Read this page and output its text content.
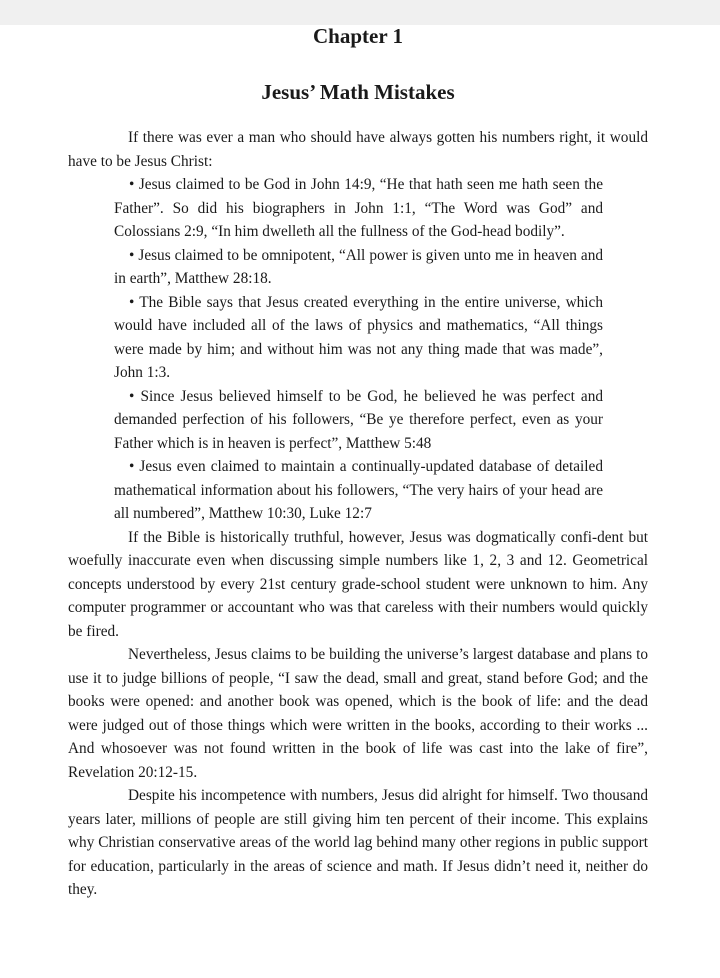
Chapter 1
Jesus’ Math Mistakes

If there was ever a man who should have always gotten his numbers right, it would have to be Jesus Christ:

• Jesus claimed to be God in John 14:9, “He that hath seen me hath seen the Father”. So did his biographers in John 1:1, “The Word was God” and Colossians 2:9, “In him dwelleth all the fullness of the God-head bodily”.
• Jesus claimed to be omnipotent, “All power is given unto me in heaven and in earth”, Matthew 28:18.
• The Bible says that Jesus created everything in the entire universe, which would have included all of the laws of physics and mathematics, “All things were made by him; and without him was not any thing made that was made”, John 1:3.
• Since Jesus believed himself to be God, he believed he was perfect and demanded perfection of his followers, “Be ye therefore perfect, even as your Father which is in heaven is perfect”, Matthew 5:48
• Jesus even claimed to maintain a continually-updated database of detailed mathematical information about his followers, “The very hairs of your head are all numbered”, Matthew 10:30, Luke 12:7

If the Bible is historically truthful, however, Jesus was dogmatically confi-dent but woefully inaccurate even when discussing simple numbers like 1, 2, 3 and 12. Geometrical concepts understood by every 21st century grade-school student were unknown to him. Any computer programmer or accountant who was that careless with their numbers would quickly be fired.

Nevertheless, Jesus claims to be building the universe’s largest database and plans to use it to judge billions of people, “I saw the dead, small and great, stand before God; and the books were opened: and another book was opened, which is the book of life: and the dead were judged out of those things which were written in the books, according to their works ... And whosoever was not found written in the book of life was cast into the lake of fire”, Revelation 20:12-15.

Despite his incompetence with numbers, Jesus did alright for himself. Two thousand years later, millions of people are still giving him ten percent of their income. This explains why Christian conservative areas of the world lag behind many other regions in public support for education, particularly in the areas of science and math. If Jesus didn’t need it, neither do they.
